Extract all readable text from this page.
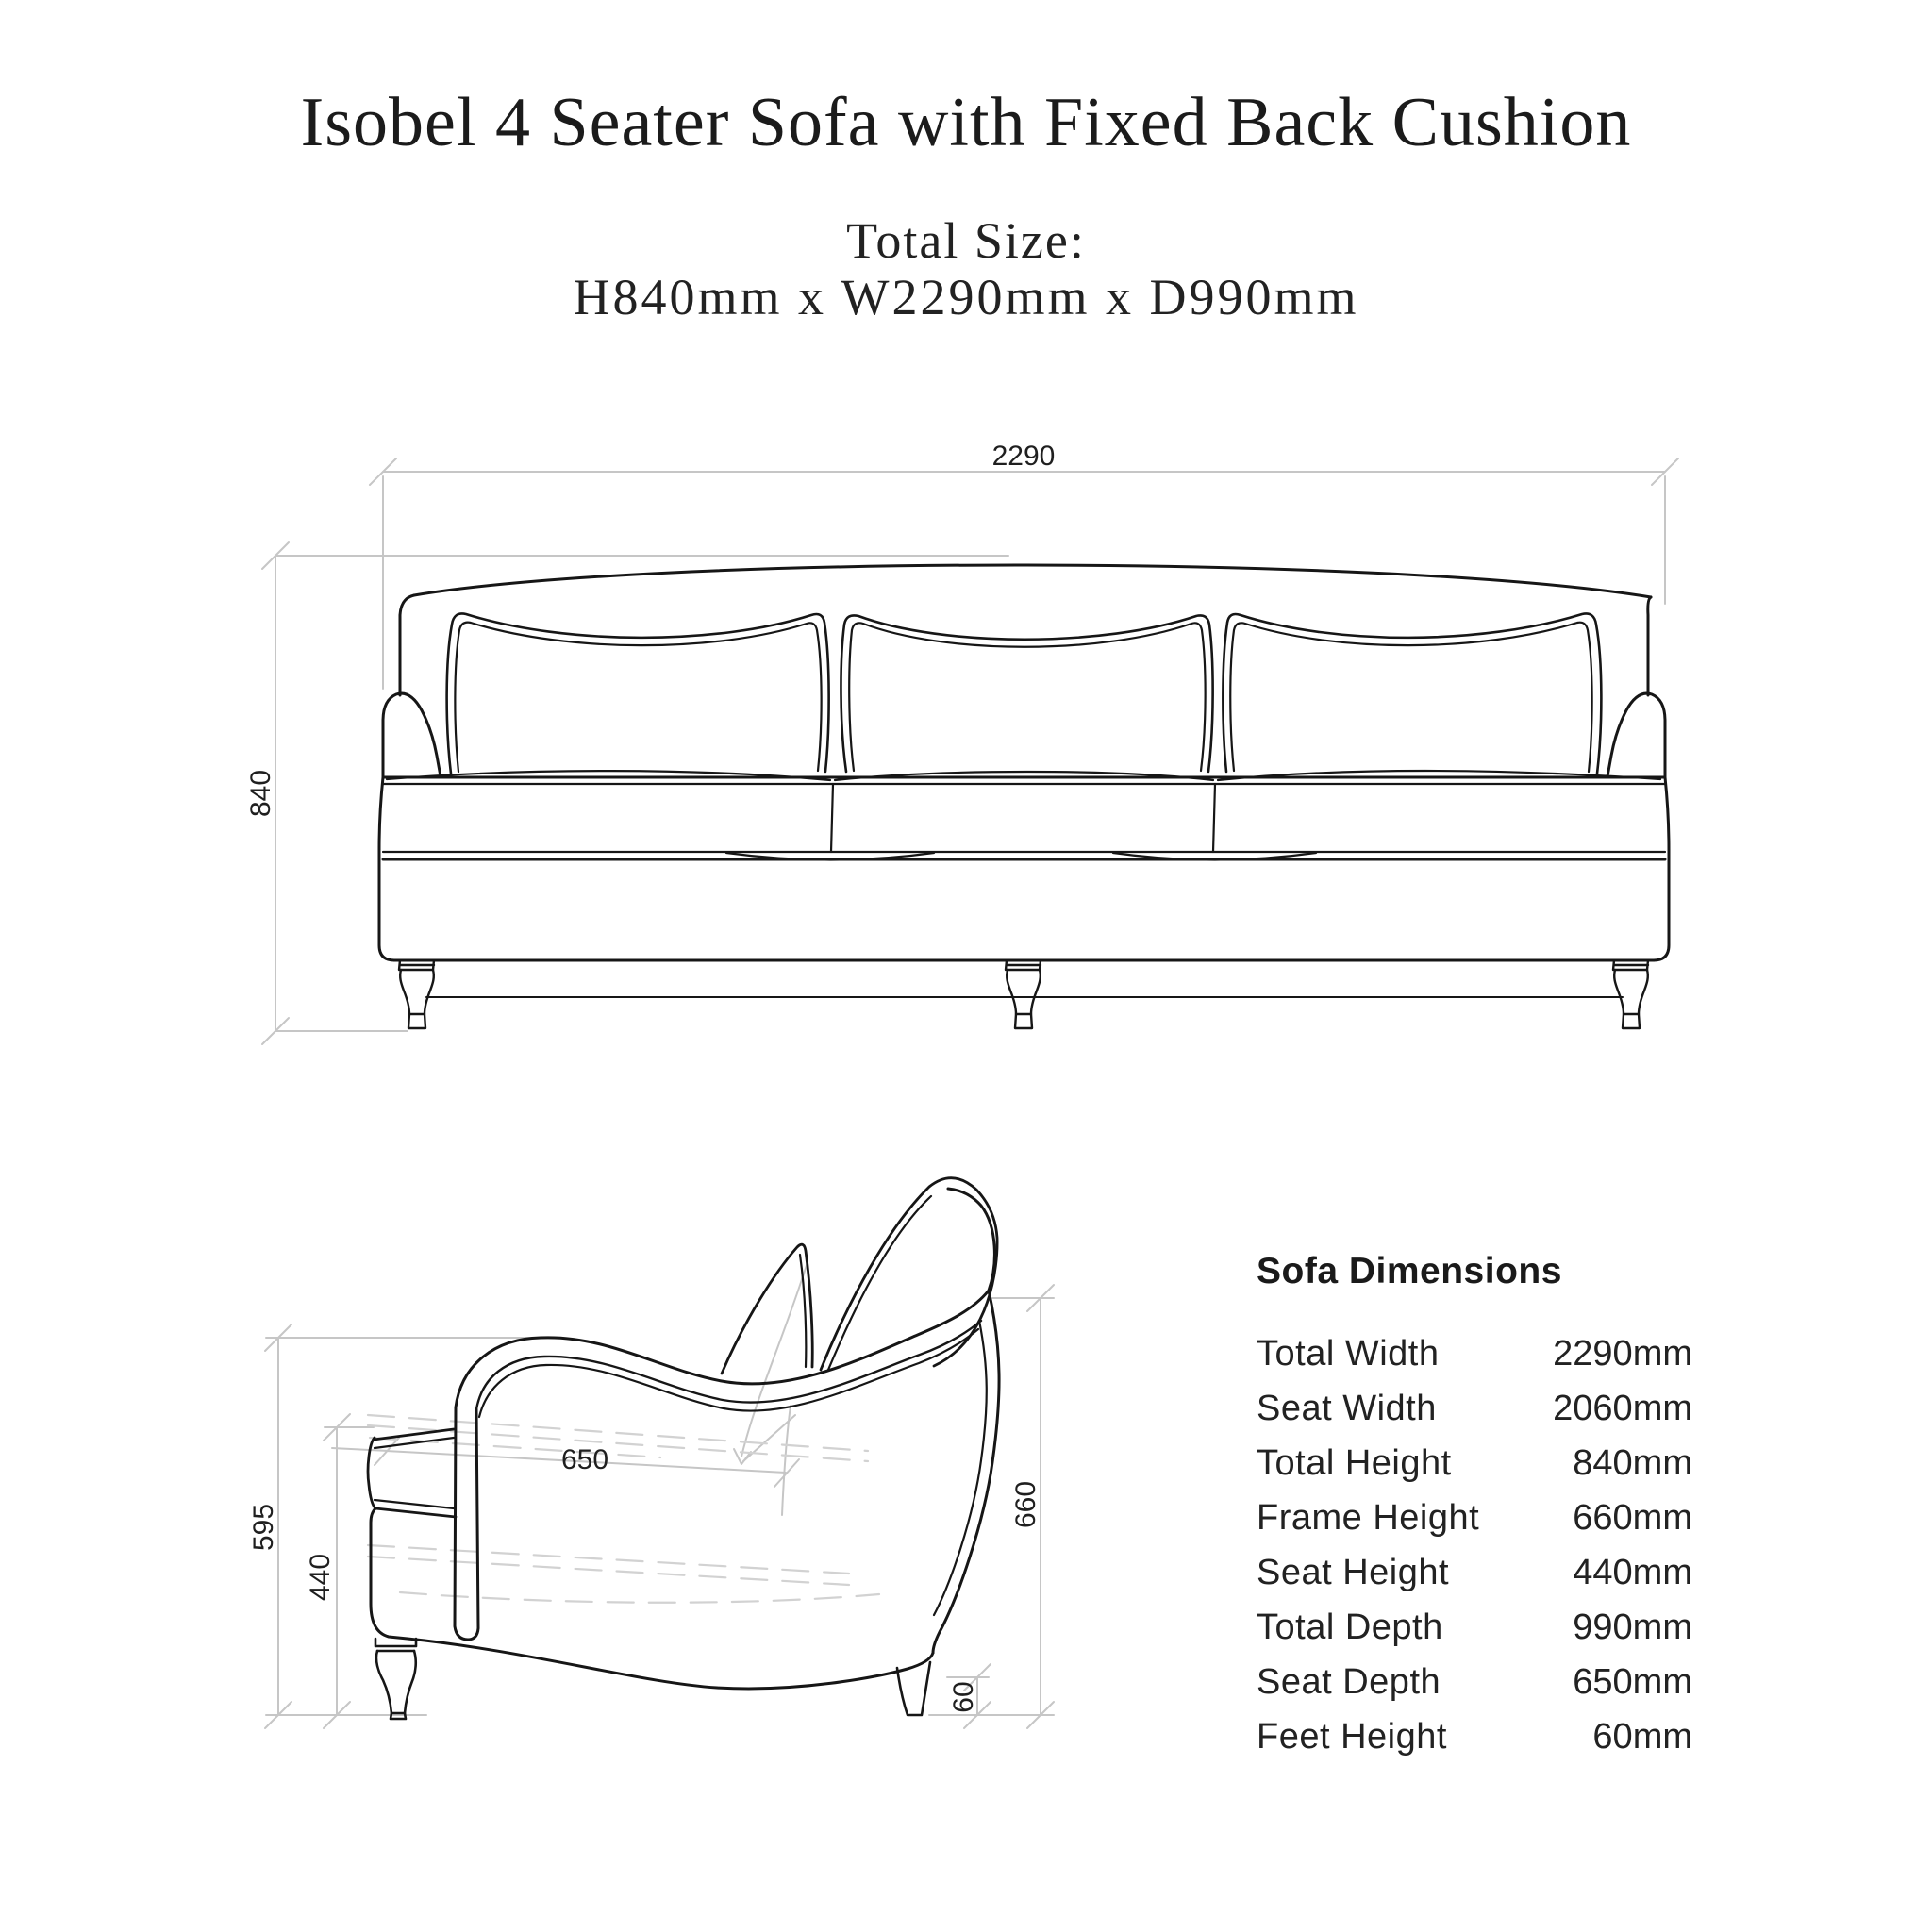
Isobel 4 Seater Sofa with Fixed Back Cushion
Total Size:
H840mm x W2290mm x D990mm
2290
840
595
440
650
660
60
Sofa Dimensions
Total Width	2290mm
Seat Width	2060mm
Total Height	840mm
Frame Height	660mm
Seat Height	440mm
Total Depth	990mm
Seat Depth	650mm
Feet Height	60mm
